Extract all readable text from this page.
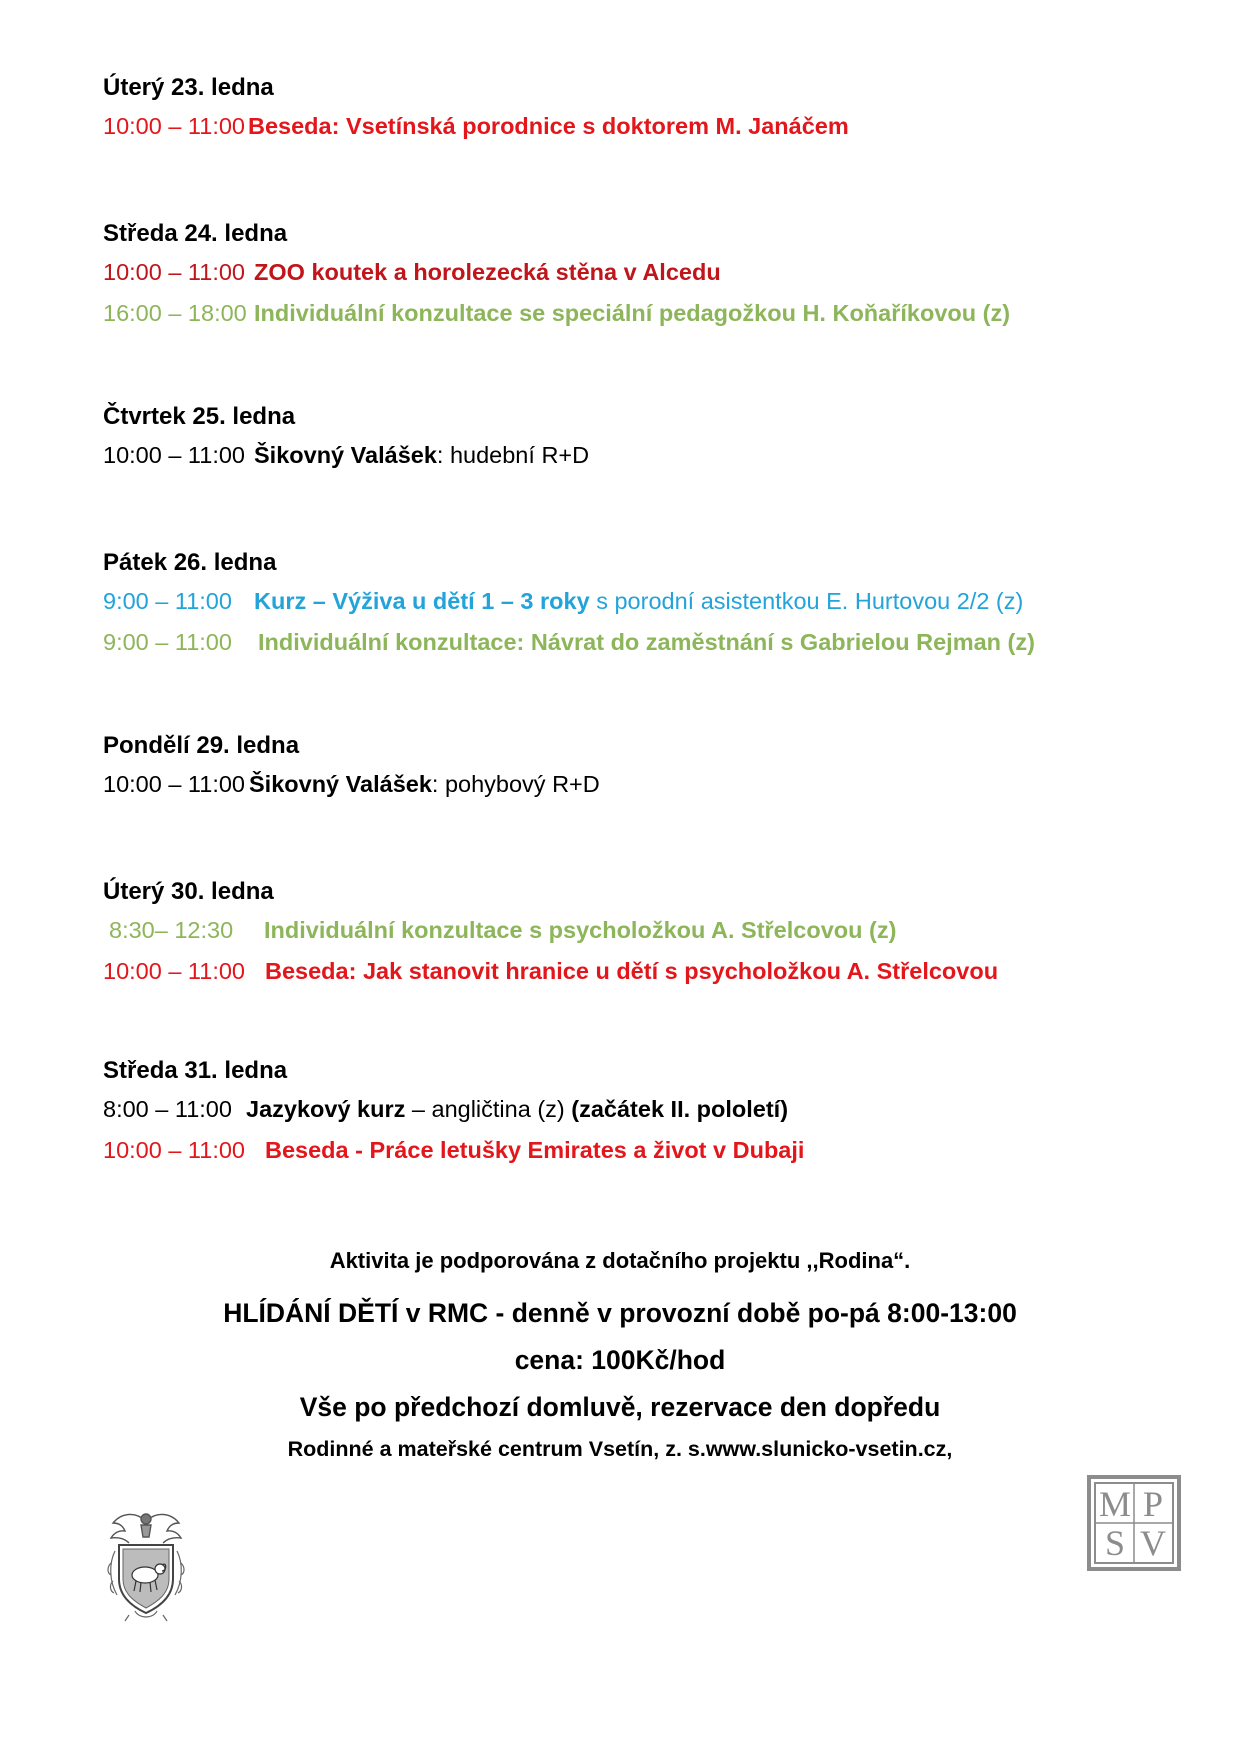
Úterý 23. ledna
10:00 – 11:00 Beseda: Vsetínská porodnice s doktorem M. Janáčem
Středa 24. ledna
10:00 – 11:00 ZOO koutek a horolezecká stěna v Alcedu
16:00 – 18:00 Individuální konzultace se speciální pedagožkou H. Koňaříkovou (z)
Čtvrtek 25. ledna
10:00 – 11:00 Šikovný Valášek: hudební R+D
Pátek 26. ledna
9:00 – 11:00 Kurz – Výživa u dětí 1 – 3 roky s porodní asistentkou E. Hurtovou 2/2 (z)
9:00 – 11:00 Individuální konzultace: Návrat do zaměstnání s Gabrielou Rejman (z)
Pondělí 29. ledna
10:00 – 11:00 Šikovný Valášek: pohybový R+D
Úterý 30. ledna
8:30– 12:30 Individuální konzultace s psycholožkou A. Střelcovou (z)
10:00 – 11:00 Beseda: Jak stanovit hranice u dětí s psycholožkou A. Střelcovou
Středa 31. ledna
8:00 – 11:00 Jazykový kurz – angličtina (z) (začátek II. pololetí)
10:00 – 11:00 Beseda - Práce letušky Emirates a život v Dubaji
Aktivita je podporována z dotačního projektu ,,Rodina“.
HLÍDÁNÍ DĚTÍ v RMC - denně v provozní době po-pá 8:00-13:00
cena: 100Kč/hod
Vše po předchozí domluvě, rezervace den dopředu
Rodinné a mateřské centrum Vsetín, z. s.www.slunicko-vsetin.cz,
M P
S V
